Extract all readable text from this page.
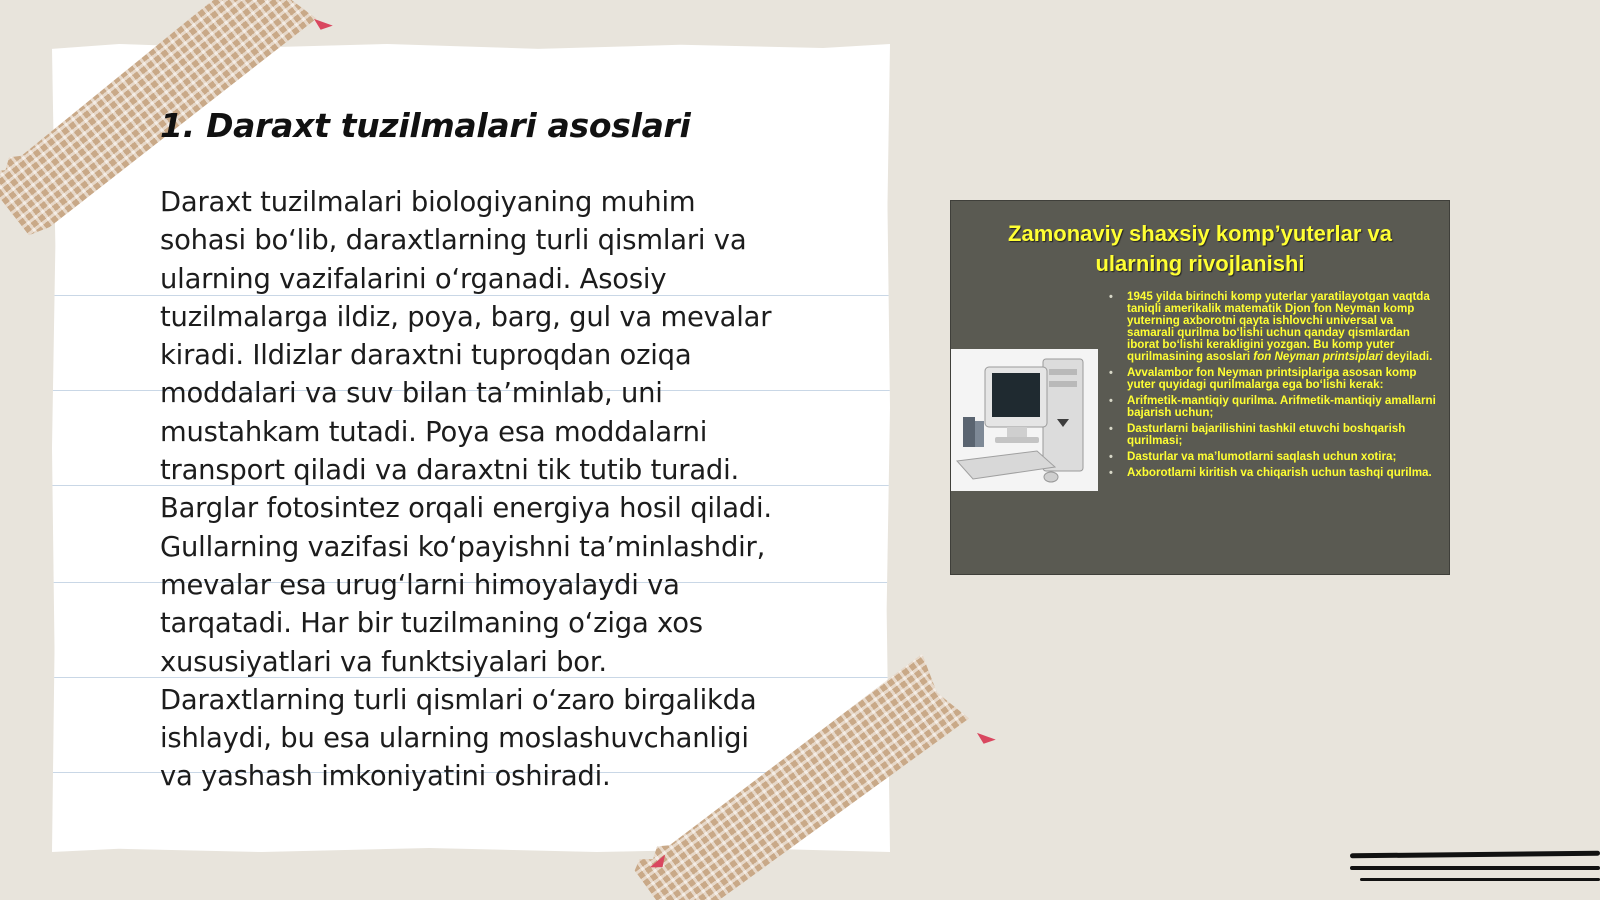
1. Daraxt tuzilmalari asoslari
Daraxt tuzilmalari biologiyaning muhim
sohasi bo‘lib, daraxtlarning turli qismlari va
ularning vazifalarini o‘rganadi. Asosiy
tuzilmalarga ildiz, poya, barg, gul va mevalar
kiradi. Ildizlar daraxtni tuproqdan oziqa
moddalari va suv bilan ta’minlab, uni
mustahkam tutadi. Poya esa moddalarni
transport qiladi va daraxtni tik tutib turadi.
Barglar fotosintez orqali energiya hosil qiladi.
Gullarning vazifasi ko‘payishni ta’minlashdir,
mevalar esa urug‘larni himoyalaydi va
tarqatadi. Har bir tuzilmaning o‘ziga xos
xususiyatlari va funktsiyalari bor.
Daraxtlarning turli qismlari o‘zaro birgalikda
ishlaydi, bu esa ularning moslashuvchanligi
va yashash imkoniyatini oshiradi.
Zamonaviy shaxsiy komp’yuterlar va
ularning rivojlanishi
• 1945 yilda birinchi komp yuterlar yaratilayotgan vaqtda taniqli amerikalik matematik Djon fon Neyman komp yuterning axborotni qayta ishlovchi universal va samarali qurilma bo‘lishi uchun qanday qismlardan iborat bo‘lishi kerakligini yozgan. Bu komp yuter qurilmasining asoslari fon Neyman printsiplari deyiladi.
• Avvalambor fon Neyman printsiplariga asosan komp yuter quyidagi qurilmalarga ega bo‘lishi kerak:
• Arifmetik-mantiqiy qurilma. Arifmetik-mantiqiy amallarni bajarish uchun;
• Dasturlarni bajarilishini tashkil etuvchi boshqarish qurilmasi;
• Dasturlar va ma’lumotlarni saqlash uchun xotira;
• Axborotlarni kiritish va chiqarish uchun tashqi qurilma.
